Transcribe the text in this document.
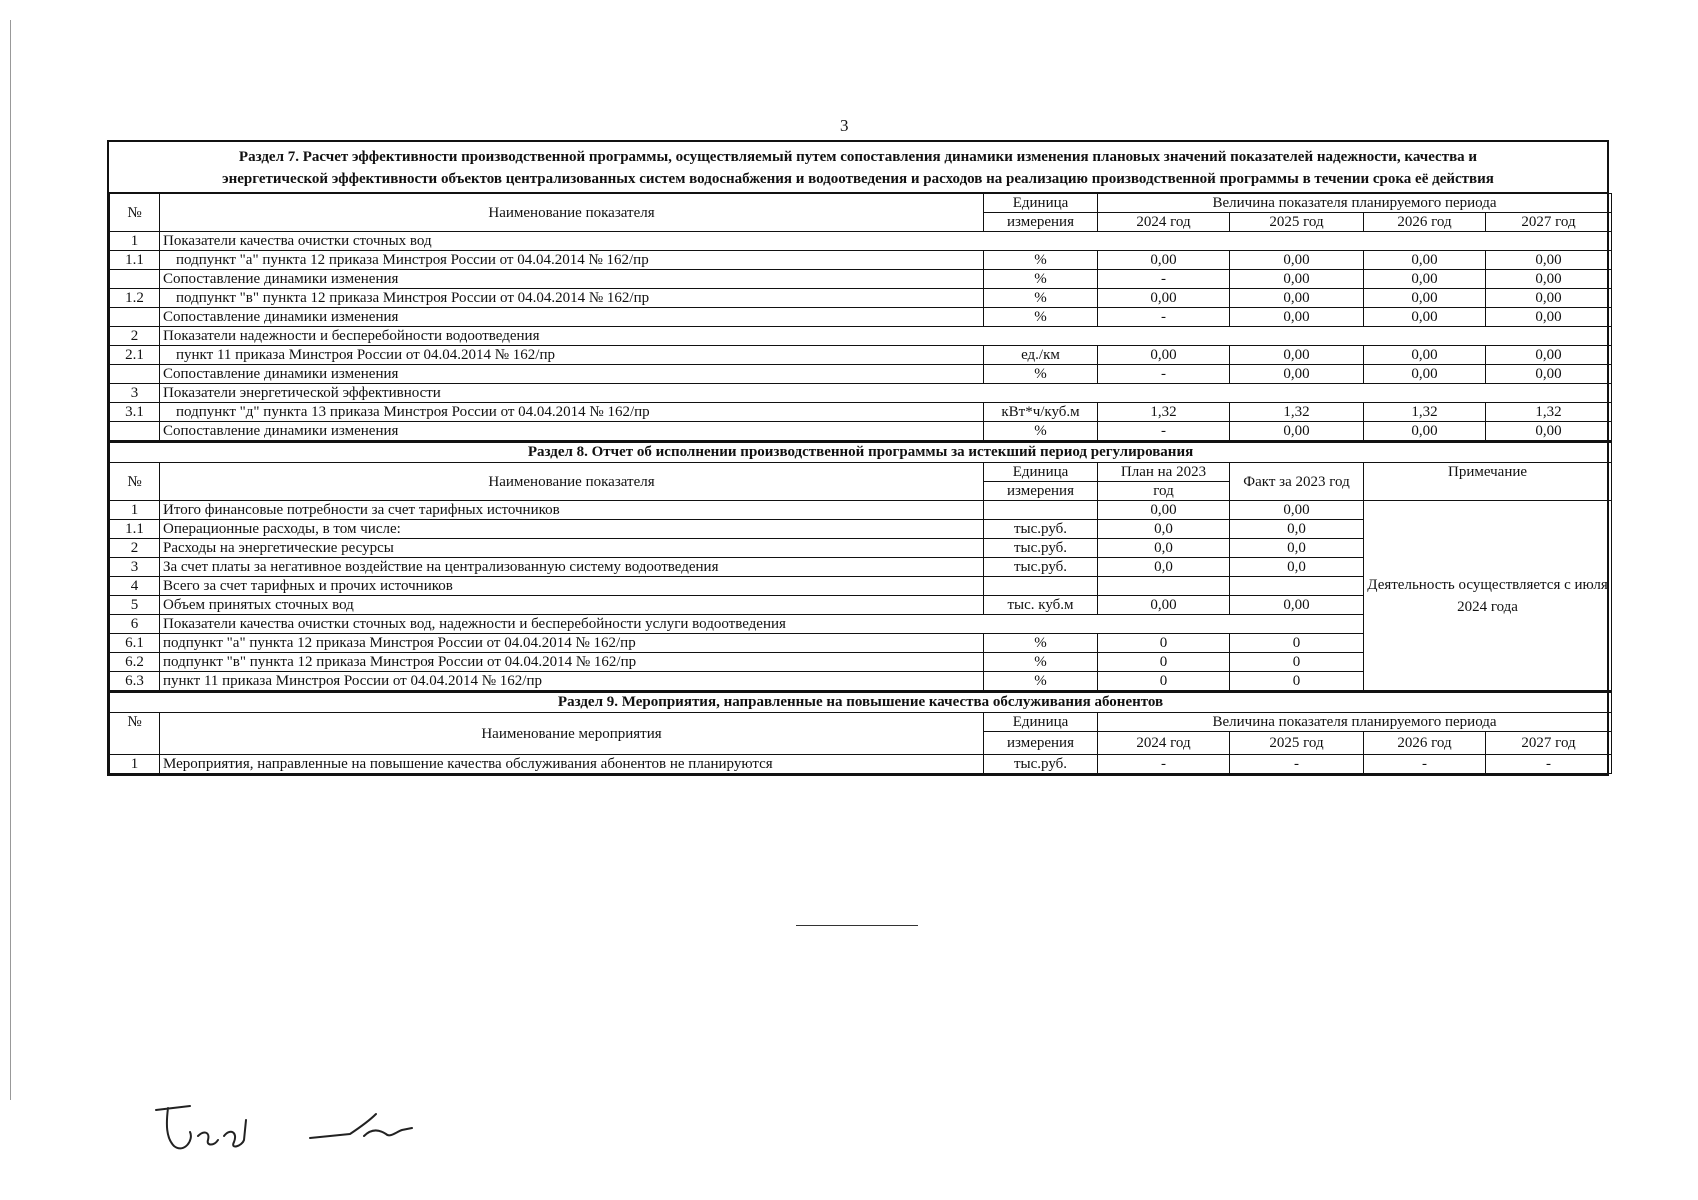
3
Раздел 7. Расчет эффективности производственной программы, осуществляемый путем сопоставления динамики изменения плановых значений показателей надежности, качества и
энергетической эффективности объектов централизованных систем водоснабжения и водоотведения и расходов на реализацию производственной программы в течении срока её действия
№	Наименование показателя	Единица	Величина показателя планируемого периода			
		измерения	2024 год	2025 год	2026 год	2027 год
1	Показатели качества очистки сточных вод					
1.1	подпункт "а" пункта 12 приказа Минстроя России от 04.04.2014 № 162/пр	%	0,00	0,00	0,00	0,00
	Сопоставление динамики изменения	%	-	0,00	0,00	0,00
1.2	подпункт "в" пункта 12 приказа Минстроя России от 04.04.2014 № 162/пр	%	0,00	0,00	0,00	0,00
	Сопоставление динамики изменения	%	-	0,00	0,00	0,00
2	Показатели надежности и бесперебойности водоотведения					
2.1	пункт 11 приказа Минстроя России от 04.04.2014 № 162/пр	ед./км	0,00	0,00	0,00	0,00
	Сопоставление динамики изменения	%	-	0,00	0,00	0,00
3	Показатели энергетической эффективности					
3.1	подпункт "д" пункта 13 приказа Минстроя России от 04.04.2014 № 162/пр	кВт*ч/куб.м	1,32	1,32	1,32	1,32
	Сопоставление динамики изменения	%	-	0,00	0,00	0,00
Раздел 8. Отчет об исполнении производственной программы за истекший период регулирования					
№	Наименование показателя	Единица	План на 2023	Факт за 2023 год	Примечание
		измерения	год		
1	Итого финансовые потребности за счет тарифных источников		0,00	0,00	Деятельность осуществляется с июля 2024 года
1.1	Операционные расходы, в том числе:	тыс.руб.	0,0	0,0	
2	Расходы на энергетические ресурсы	тыс.руб.	0,0	0,0	
3	За счет платы за негативное воздействие на централизованную систему водоотведения	тыс.руб.	0,0	0,0	
4	Всего за счет тарифных и прочих источников				
5	Объем принятых сточных вод	тыс. куб.м	0,00	0,00	
6	Показатели качества очистки сточных вод, надежности и бесперебойности услуги водоотведения				
6.1	подпункт "а" пункта 12 приказа Минстроя России от 04.04.2014 № 162/пр	%	0	0	
6.2	подпункт "в" пункта 12 приказа Минстроя России от 04.04.2014 № 162/пр	%	0	0	
6.3	пункт 11 приказа Минстроя России от 04.04.2014 № 162/пр	%	0	0	
Раздел 9. Мероприятия, направленные на повышение качества обслуживания абонентов						
№	Наименование мероприятия	Единица	Величина показателя планируемого периода			
		измерения	2024 год	2025 год	2026 год	2027 год
1	Мероприятия, направленные на повышение качества обслуживания абонентов не планируются	тыс.руб.	-	-	-	-
